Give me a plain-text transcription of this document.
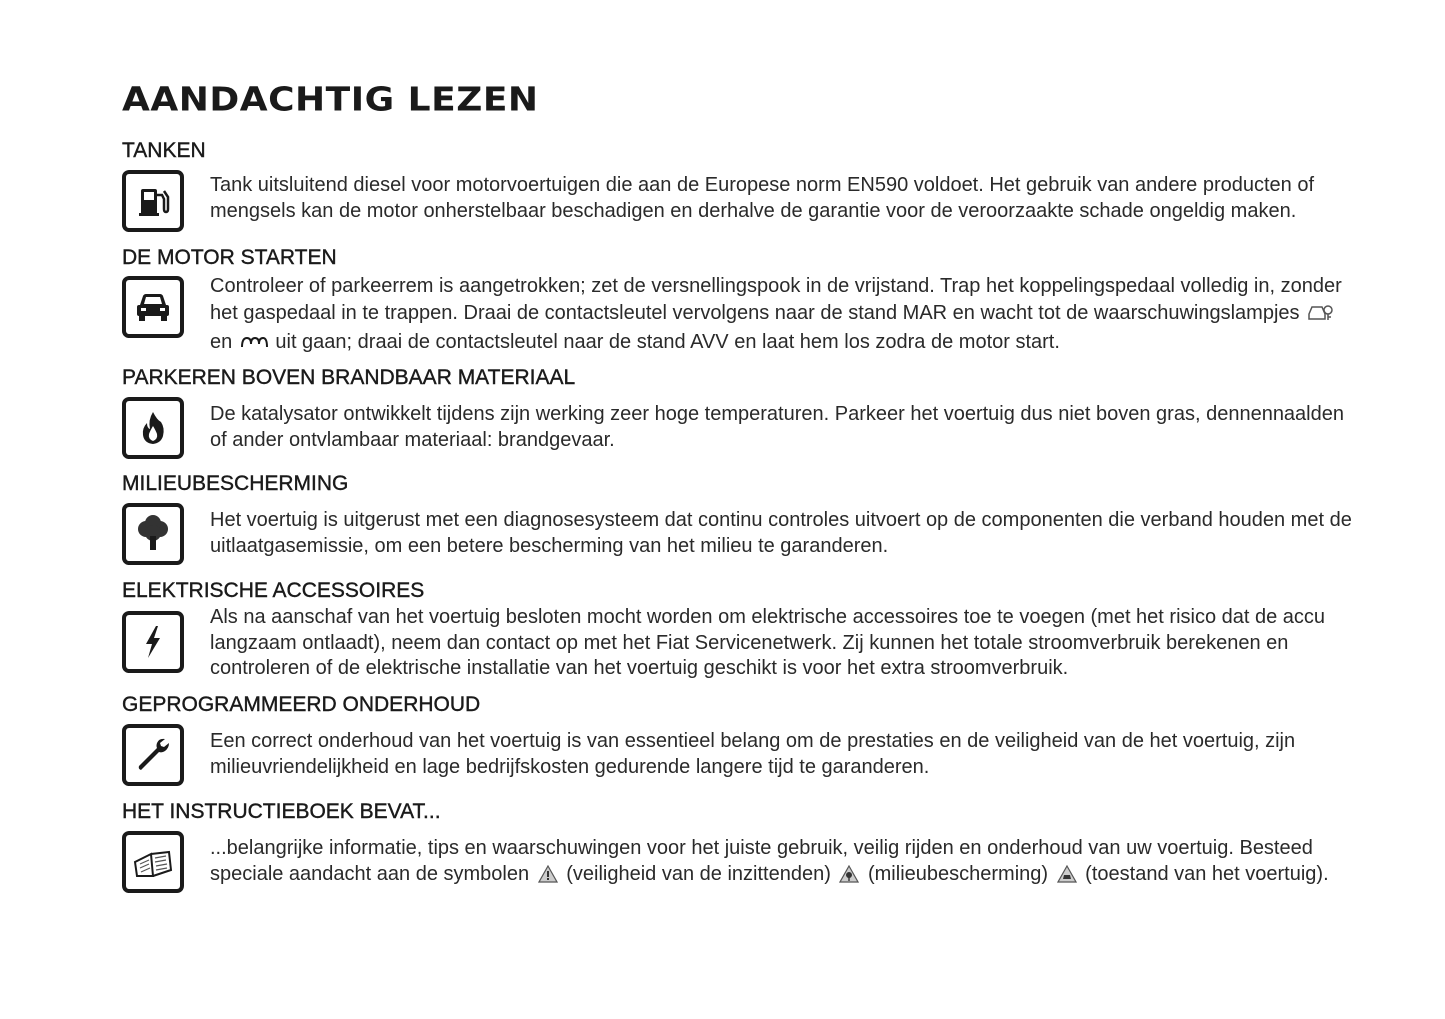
AANDACHTIG LEZEN
TANKEN

Tank uitsluitend diesel voor motorvoertuigen die aan de Europese norm EN590 voldoet. Het gebruik van andere producten of mengsels kan de motor onherstelbaar beschadigen en derhalve de garantie voor de veroorzaakte schade ongeldig maken.

DE MOTOR STARTEN

Controleer of parkeerrem is aangetrokken; zet de versnellingspook in de vrijstand. Trap het koppelingspedaal volledig in, zonder het gaspedaal in te trappen. Draai de contactsleutel vervolgens naar de stand MAR en wacht tot de waarschuwingslampjes  en uit gaan; draai de contactsleutel naar de stand AVV en laat hem los zodra de motor start.

PARKEREN BOVEN BRANDBAAR MATERIAAL

De katalysator ontwikkelt tijdens zijn werking zeer hoge temperaturen. Parkeer het voertuig dus niet boven gras, dennennaalden of ander ontvlambaar materiaal: brandgevaar.

MILIEUBESCHERMING

Het voertuig is uitgerust met een diagnosesysteem dat continu controles uitvoert op de componenten die verband houden met de uitlaatgasemissie, om een betere bescherming van het milieu te garanderen.

ELEKTRISCHE ACCESSOIRES

Als na aanschaf van het voertuig besloten mocht worden om elektrische accessoires toe te voegen (met het risico dat de accu langzaam ontlaadt), neem dan contact op met het Fiat Servicenetwerk. Zij kunnen het totale stroomverbruik berekenen en controleren of de elektrische installatie van het voertuig geschikt is voor het extra stroomverbruik.

GEPROGRAMMEERD ONDERHOUD

Een correct onderhoud van het voertuig is van essentieel belang om de prestaties en de veiligheid van de het voertuig, zijn milieuvriendelijkheid en lage bedrijfskosten gedurende langere tijd te garanderen.

HET INSTRUCTIEBOEK BEVAT...

...belangrijke informatie, tips en waarschuwingen voor het juiste gebruik, veilig rijden en onderhoud van uw voertuig. Besteed speciale aandacht aan de symbolen (veiligheid van de inzittenden) (milieubescherming) (toestand van het voertuig).
